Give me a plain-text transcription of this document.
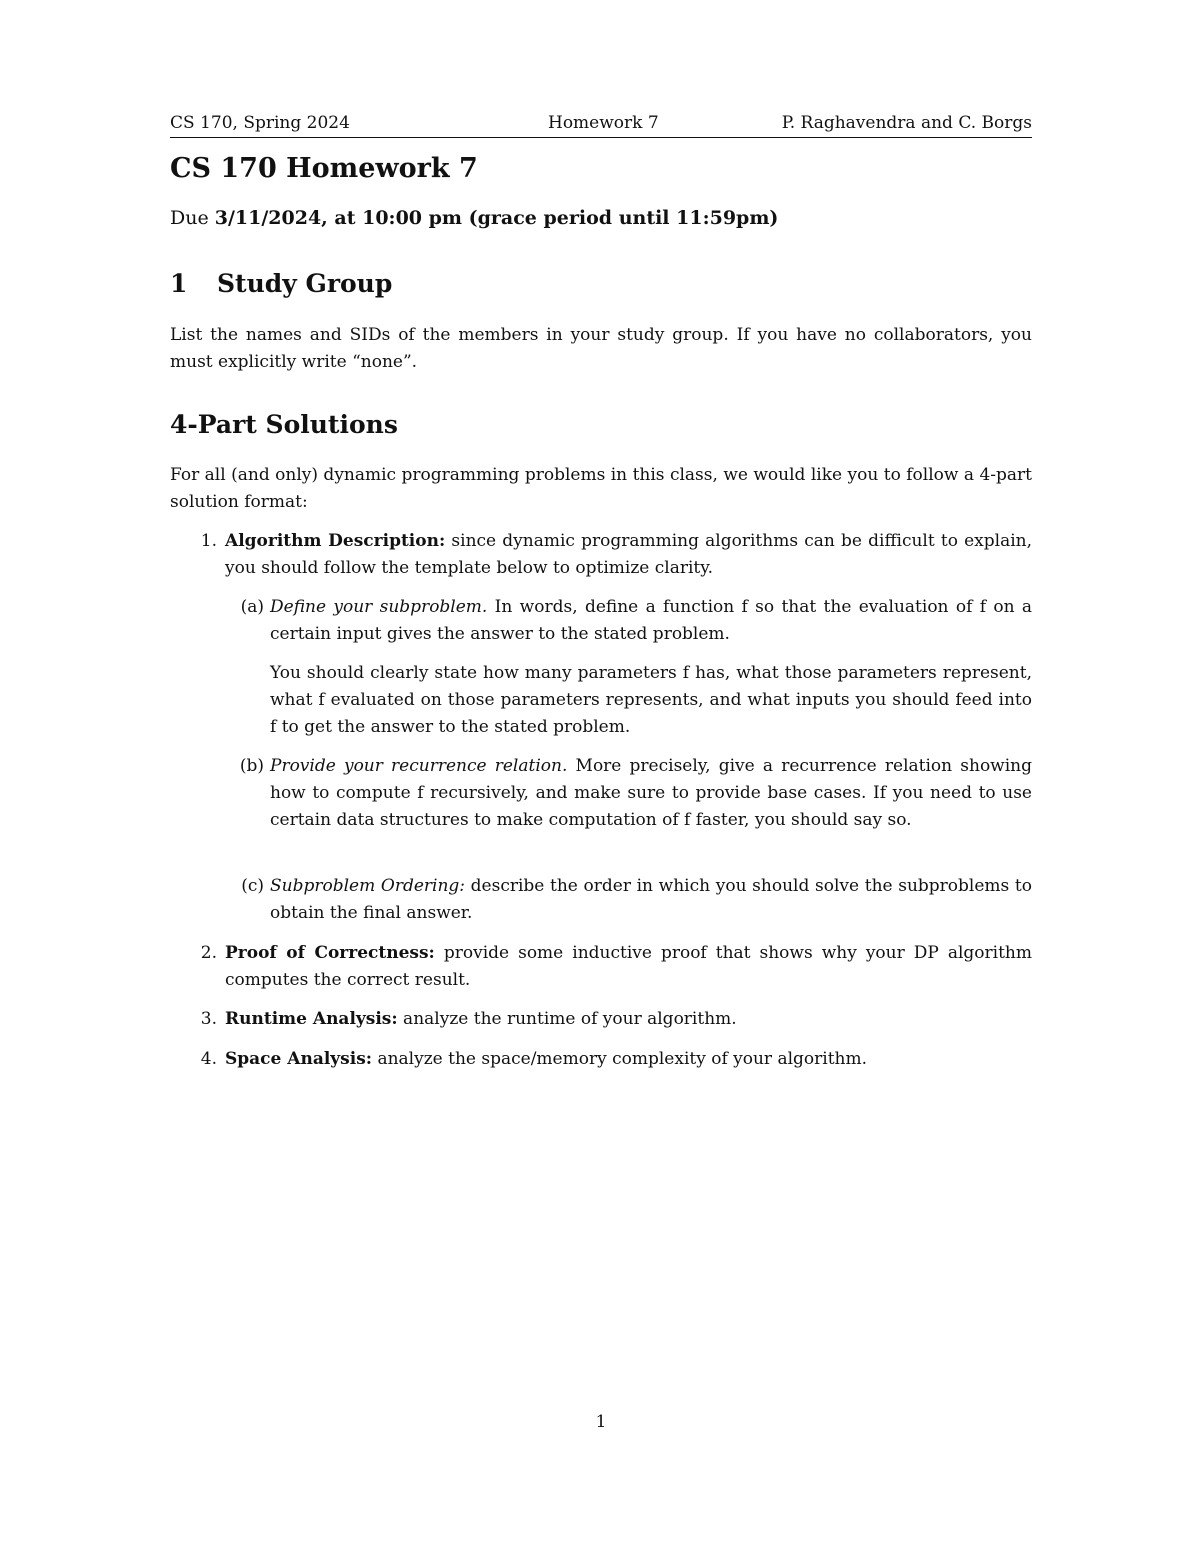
CS 170, Spring 2024	Homework 7	P. Raghavendra and C. Borgs
CS 170 Homework 7

Due 3/11/2024, at 10:00 pm (grace period until 11:59pm)

1 Study Group

List the names and SIDs of the members in your study group. If you have no collaborators, you must explicitly write “none”.

4-Part Solutions

For all (and only) dynamic programming problems in this class, we would like you to follow a 4-part solution format:

1. Algorithm Description: since dynamic programming algorithms can be difficult to explain, you should follow the template below to optimize clarity.
(a) Define your subproblem. In words, define a function f so that the evaluation of f on a certain input gives the answer to the stated problem.
You should clearly state how many parameters f has, what those parameters represent, what f evaluated on those parameters represents, and what inputs you should feed into f to get the answer to the stated problem.
(b) Provide your recurrence relation. More precisely, give a recurrence relation showing how to compute f recursively, and make sure to provide base cases. If you need to use certain data structures to make computation of f faster, you should say so.
(c) Subproblem Ordering: describe the order in which you should solve the subproblems to obtain the final answer.
2. Proof of Correctness: provide some inductive proof that shows why your DP algorithm computes the correct result.
3. Runtime Analysis: analyze the runtime of your algorithm.
4. Space Analysis: analyze the space/memory complexity of your algorithm.
1
